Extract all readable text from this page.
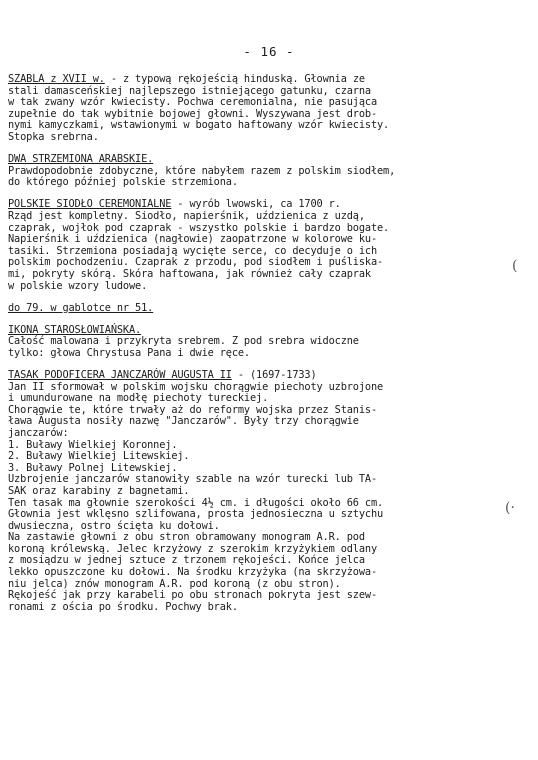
- 16 -
SZABLA z XVII w. - z typową rękojeścią hinduską. Głownia ze
stali damasceńskiej najlepszego istniejącego gatunku, czarna
w tak zwany wzór kwiecisty. Pochwa ceremonialna, nie pasująca
zupełnie do tak wybitnie bojowej głowni. Wyszywana jest drob-
nymi kamyczkami, wstawionymi w bogato haftowany wzór kwiecisty.
Stopka srebrna.
DWA STRZEMIONA ARABSKIE.
Prawdopodobnie zdobyczne, które nabyłem razem z polskim siodłem,
do którego później polskie strzemiona.
POLSKIE SIODŁO CEREMONIALNE - wyrób lwowski, ca 1700 r.
Rząd jest kompletny. Siodło, napierśnik, uździenica z uzdą,
czaprak, wojłok pod czaprak - wszystko polskie i bardzo bogate.
Napierśnik i uździenica (nagłowie) zaopatrzone w kolorowe ku-
tasiki. Strzemiona posiadają wycięte serce, co decyduje o ich
polskim pochodzeniu. Czaprak z przodu, pod siodłem i puśliska-
mi, pokryty skórą. Skóra haftowana, jak również cały czaprak
w polskie wzory ludowe.
do 79. w gablotce nr 51.
IKONA STAROSŁOWIAŃSKA.
Całość malowana i przykryta srebrem. Z pod srebra widoczne
tylko: głowa Chrystusa Pana i dwie ręce.
TASAK PODOFICERA JANCZARÓW AUGUSTA II - (1697-1733)
Jan II sformował w polskim wojsku chorągwie piechoty uzbrojone
i umundurowane na modłę piechoty tureckiej.
Chorągwie te, które trwały aż do reformy wojska przez Stanis-
ława Augusta nosiły nazwę "Janczarów". Były trzy chorągwie
janczarów:
1. Buławy Wielkiej Koronnej.
2. Buławy Wielkiej Litewskiej.
3. Buławy Polnej Litewskiej.
Uzbrojenie janczarów stanowiły szable na wzór turecki lub TA-
SAK oraz karabiny z bagnetami.
Ten tasak ma głownie szerokości 4½ cm. i długości około 66 cm.
Głownia jest wklęsno szlifowana, prosta jednosieczna u sztychu
dwusieczna, ostro ścięta ku dołowi.
Na zastawie głowni z obu stron obramowany monogram A.R. pod
koroną królewską. Jelec krzyżowy z szerokim krzyżykiem odlany
z mosiądzu w jednej sztuce z trzonem rękojeści. Końce jelca
lekko opuszczone ku dołowi. Na środku krzyżyka (na skrzyżowa-
niu jelca) znów monogram A.R. pod koroną (z obu stron).
Rękojeść jak przy karabeli po obu stronach pokryta jest szew-
ronami z ościa po środku. Pochwy brak.
(
(·
